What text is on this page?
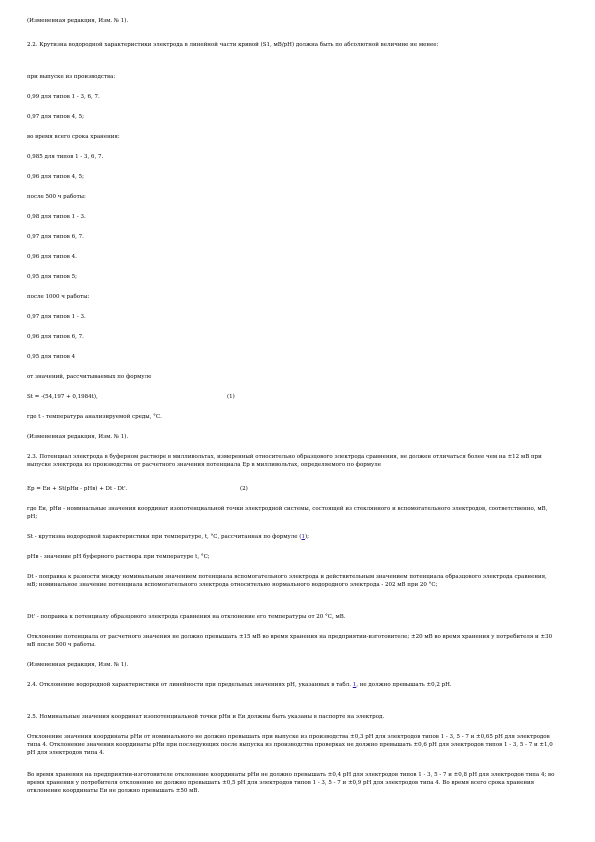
(Измененная редакция, Изм. № 1).

2.2. Крутизна водородной характеристики электрода в линейной части кривой (S1, мВ/pH) должна быть по абсолютной величине не менее:

при выпуске из производства:

0,99 для типов 1 - 3, 6, 7.

0,97 для типов 4, 5;

во время всего срока хранения:

0,985 для типов 1 - 3, 6, 7.

0,96 для типов 4, 5;

после 500 ч работы:

0,98 для типов 1 - 3.

0,97 для типов 6, 7.

0,96 для типов 4.

0,95 для типов 5;

после 1000 ч работы:

0,97 для типов 1 - 3.

0,96 для типов 6, 7.

0,95 для типов 4

от значений, рассчитываемых по формуле

St = -(54,197 + 0,1984t),	(1)

где t - температура анализируемой среды, °С.

(Измененная редакция, Изм. № 1).

2.3. Потенциал электрода в буферном растворе в милливольтах, измеренный относительно образцового электрода сравнения, не должен отличаться более чем на ±12 мВ при выпуске электрода из производства от расчетного значения потенциала Ep в милливольтах, определяемого по формуле

Ep = Eи + St(pHи - pHв) + Dt - Dt'.	(2)

где Eи, pHи - номинальные значения координат изопотенциальной точки электродной системы, состоящей из стеклянного и вспомогательного электродов, соответственно, мВ, pH;

St - крутизна водородной характеристики при температуре, t, °С, рассчитанная по формуле (1);

pHв - значение pH буферного раствора при температуре t, °С;

Dt - поправка к разности между номинальным значением потенциала вспомогательного электрода и действительным значением потенциала образцового электрода сравнения, мВ; номинальное значение потенциала вспомогательного электрода относительно нормального водородного электрода - 202 мВ при 20 °С;

Dt' - поправка к потенциалу образцового электрода сравнения на отклонение его температуры от 20 °С, мВ.

Отклонение потенциала от расчетного значения не должно превышать ±15 мВ во время хранения на предприятии-изготовителе; ±20 мВ во время хранения у потребителя и ±30 мВ после 500 ч работы.

(Измененная редакция, Изм. № 1).

2.4. Отклонение водородной характеристики от линейности при предельных значениях pH, указанных в табл. 1, не должно превышать ±0,2 pH.

2.5. Номинальные значения координат изопотенциальной точки pHи и Eи должны быть указаны в паспорте на электрод.

Отклонение значения координаты pHи от номинального не должно превышать при выпуске из производства ±0,3 pH для электродов типов 1 - 3, 5 - 7 и ±0,65 pH для электродов типа 4. Отклонение значения координаты pHи при последующих после выпуска из производства проверках не должно превышать ±0,6 pH для электродов типов 1 - 3, 5 - 7 и ±1,0 pH для электродов типа 4.

Во время хранения на предприятии-изготовителе отклонение координаты pHи не должно превышать ±0,4 pH для электродов типов 1 - 3, 5 - 7 и ±0,8 pH для электродов типа 4; во время хранения у потребителя отклонение не должно превышать ±0,5 pH для электродов типов 1 - 3, 5 - 7 и ±0,9 pH для электродов типа 4. Во время всего срока хранения отклонение координаты Eи не должно превышать ±50 мВ.
